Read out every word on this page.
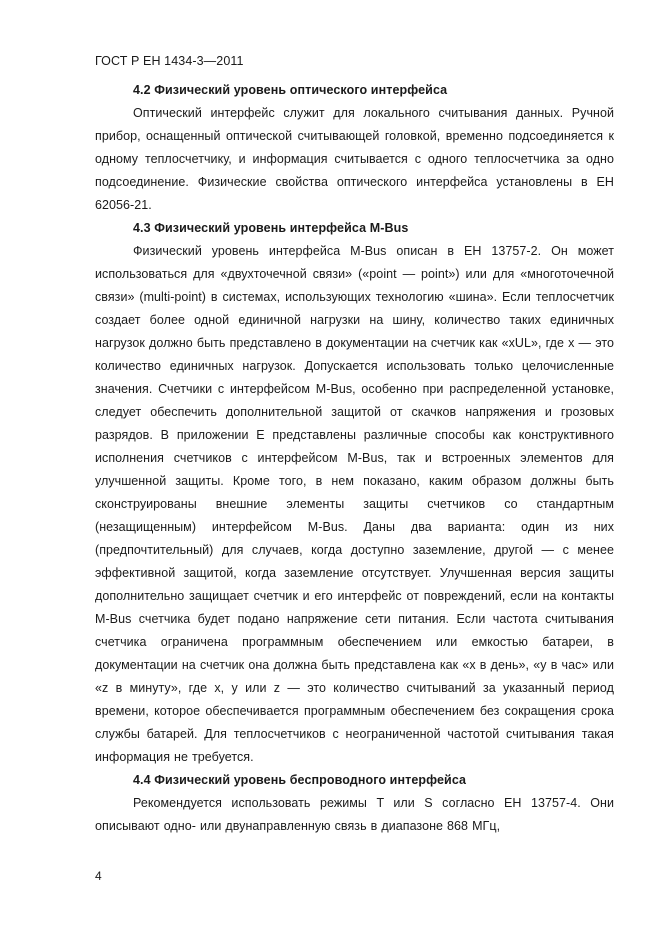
ГОСТ Р ЕН 1434-3—2011

4.2 Физический уровень оптического интерфейса

Оптический интерфейс служит для локального считывания данных. Ручной прибор, оснащенный оптической считывающей головкой, временно подсоединяется к одному теплосчетчику, и информация считывается с одного теплосчетчика за одно подсоединение. Физические свойства оптического интерфейса установлены в ЕН 62056-21.

4.3 Физический уровень интерфейса M-Bus

Физический уровень интерфейса M-Bus описан в ЕН 13757-2. Он может использоваться для «двухточечной связи» («point — point») или для «многоточечной связи» (multi-point) в системах, использующих технологию «шина». Если теплосчетчик создает более одной единичной нагрузки на шину, количество таких единичных нагрузок должно быть представлено в документации на счетчик как «xUL», где x — это количество единичных нагрузок. Допускается использовать только целочисленные значения. Счетчики с интерфейсом M-Bus, особенно при распределенной установке, следует обеспечить дополнительной защитой от скачков напряжения и грозовых разрядов. В приложении Е представлены различные способы как конструктивного исполнения счетчиков с интерфейсом M-Bus, так и встроенных элементов для улучшенной защиты. Кроме того, в нем показано, каким образом должны быть сконструированы внешние элементы защиты счетчиков со стандартным (незащищенным) интерфейсом M-Bus. Даны два варианта: один из них (предпочтительный) для случаев, когда доступно заземление, другой — с менее эффективной защитой, когда заземление отсутствует. Улучшенная версия защиты дополнительно защищает счетчик и его интерфейс от повреждений, если на контакты M-Bus счетчика будет подано напряжение сети питания. Если частота считывания счетчика ограничена программным обеспечением или емкостью батареи, в документации на счетчик она должна быть представлена как «x в день», «y в час» или «z в минуту», где x, y или z — это количество считываний за указанный период времени, которое обеспечивается программным обеспечением без сокращения срока службы батарей. Для теплосчетчиков с неограниченной частотой считывания такая информация не требуется.

4.4 Физический уровень беспроводного интерфейса

Рекомендуется использовать режимы T или S согласно ЕН 13757-4. Они описывают одно- или двунаправленную связь в диапазоне 868 МГц,

4
